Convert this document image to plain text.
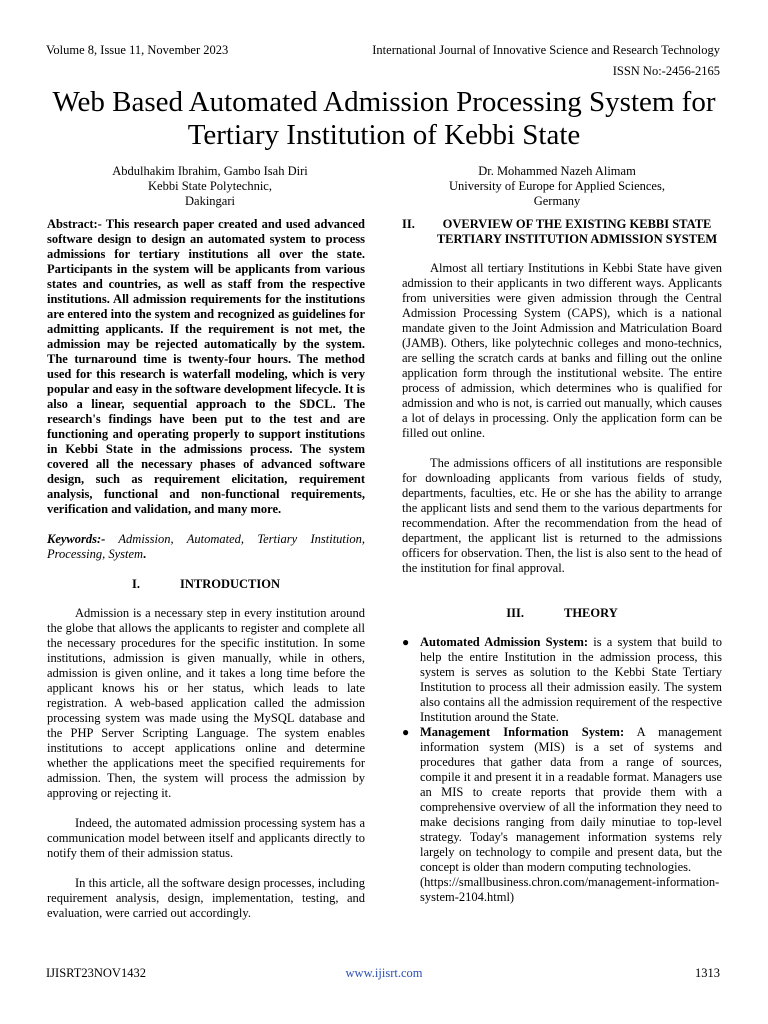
Volume 8, Issue 11, November 2023	International Journal of Innovative Science and Research Technology
ISSN No:-2456-2165
Web Based Automated Admission Processing System for Tertiary Institution of Kebbi State
Abdulhakim Ibrahim, Gambo Isah Diri
Kebbi State Polytechnic,
Dakingari
Dr. Mohammed Nazeh Alimam
University of Europe for Applied Sciences,
Germany

Abstract:- This research paper created and used advanced software design to design an automated system to process admissions for tertiary institutions all over the state. Participants in the system will be applicants from various states and countries, as well as staff from the respective institutions. All admission requirements for the institutions are entered into the system and recognized as guidelines for admitting applicants. If the requirement is not met, the admission may be rejected automatically by the system. The turnaround time is twenty-four hours. The method used for this research is waterfall modeling, which is very popular and easy in the software development lifecycle. It is also a linear, sequential approach to the SDCL. The research's findings have been put to the test and are functioning and operating properly to support institutions in Kebbi State in the admissions process. The system covered all the necessary phases of advanced software design, such as requirement elicitation, requirement analysis, functional and non-functional requirements, verification and validation, and many more.

Keywords:- Admission, Automated, Tertiary Institution, Processing, System.

I.	INTRODUCTION

Admission is a necessary step in every institution around the globe that allows the applicants to register and complete all the necessary procedures for the specific institution. In some institutions, admission is given manually, while in others, admission is given online, and it takes a long time before the applicant knows his or her status, which leads to late registration. A web-based application called the admission processing system was made using the MySQL database and the PHP Server Scripting Language. The system enables institutions to accept applications online and determine whether the applications meet the specified requirements for admission. Then, the system will process the admission by approving or rejecting it.

Indeed, the automated admission processing system has a communication model between itself and applicants directly to notify them of their admission status.

In this article, all the software design processes, including requirement analysis, design, implementation, testing, and evaluation, were carried out accordingly.

II.	OVERVIEW OF THE EXISTING KEBBI STATE
TERTIARY INSTITUTION ADMISSION SYSTEM

Almost all tertiary Institutions in Kebbi State have given admission to their applicants in two different ways. Applicants from universities were given admission through the Central Admission Processing System (CAPS), which is a national mandate given to the Joint Admission and Matriculation Board (JAMB). Others, like polytechnic colleges and mono-technics, are selling the scratch cards at banks and filling out the online application form through the institutional website. The entire process of admission, which determines who is qualified for admission and who is not, is carried out manually, which causes a lot of delays in processing. Only the application form can be filled out online.

The admissions officers of all institutions are responsible for downloading applicants from various fields of study, departments, faculties, etc. He or she has the ability to arrange the applicant lists and send them to the various departments for recommendation. After the recommendation from the head of department, the applicant list is returned to the admissions officers for observation. Then, the list is also sent to the head of the institution for final approval.

III.	THEORY

● Automated Admission System: is a system that build to help the entire Institution in the admission process, this system is serves as solution to the Kebbi State Tertiary Institution to process all their admission easily. The system also contains all the admission requirement of the respective Institution around the State.
● Management Information System: A management information system (MIS) is a set of systems and procedures that gather data from a range of sources, compile it and present it in a readable format. Managers use an MIS to create reports that provide them with a comprehensive overview of all the information they need to make decisions ranging from daily minutiae to top-level strategy. Today's management information systems rely largely on technology to compile and present data, but the concept is older than modern computing technologies.
(https://smallbusiness.chron.com/management-information-system-2104.html)
IJISRT23NOV1432	www.ijisrt.com	1313
